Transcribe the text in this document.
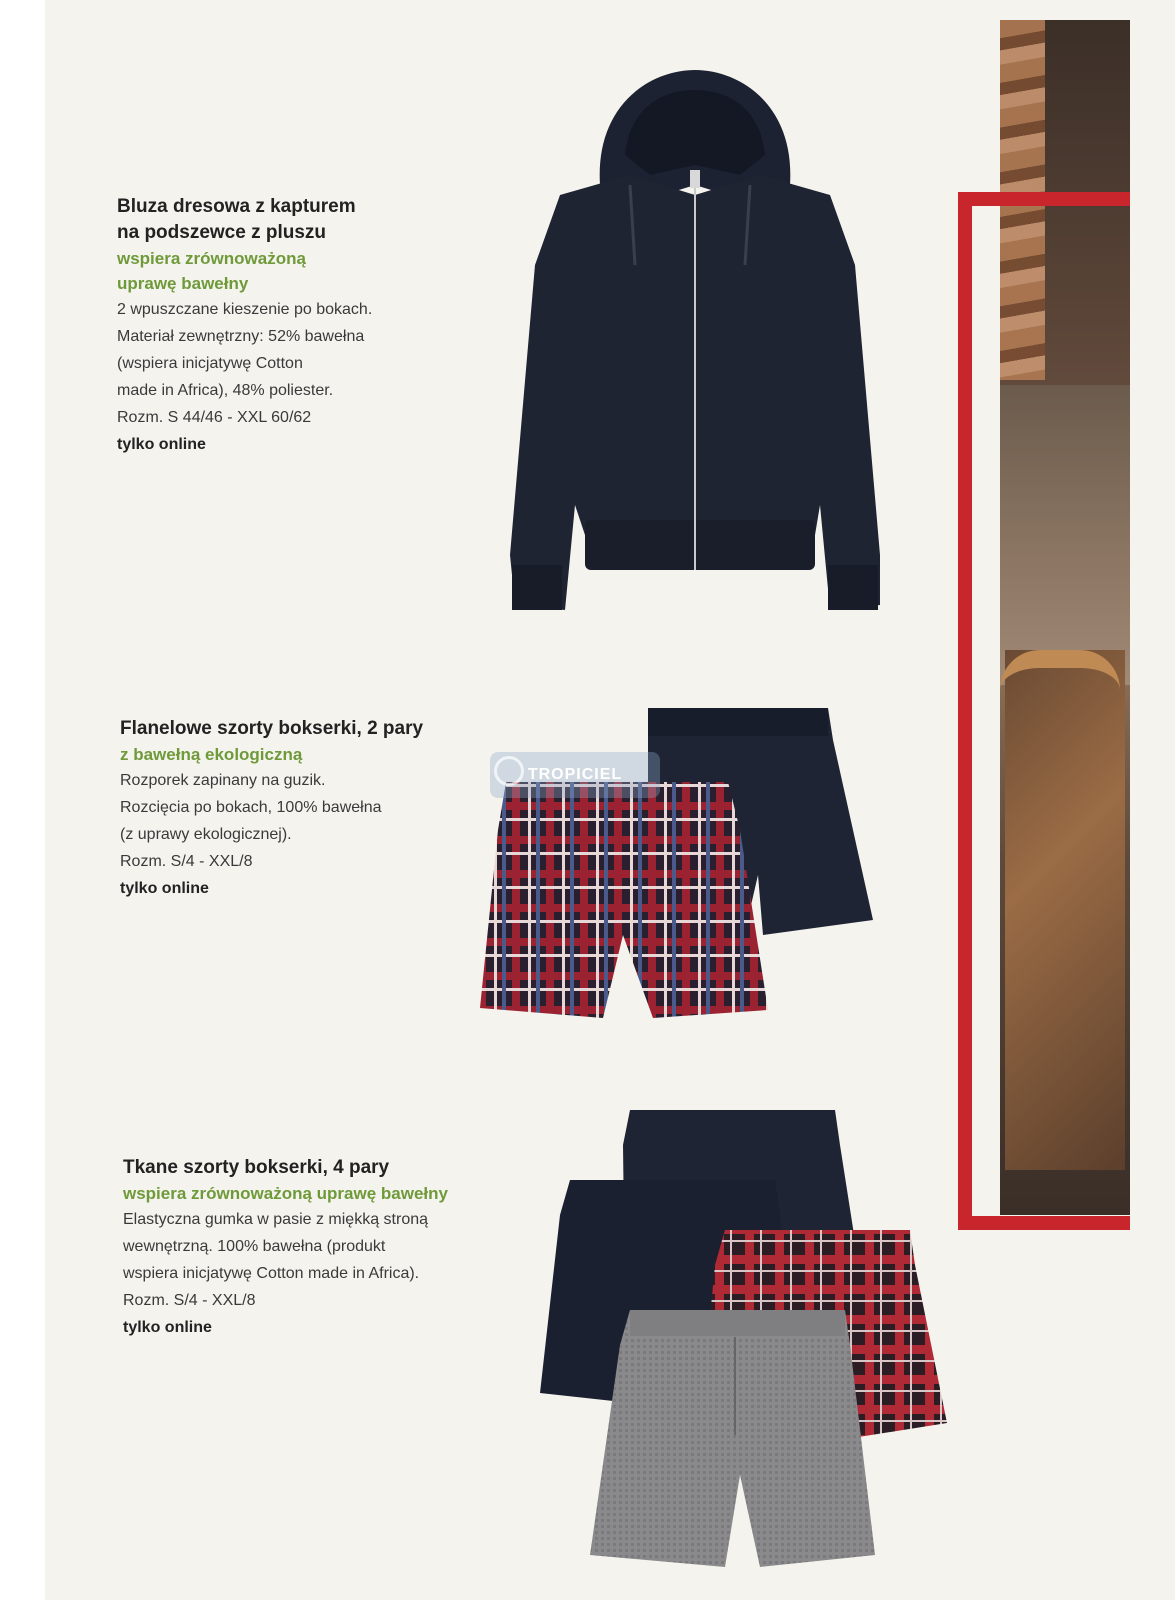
Bluza dresowa z kapturem
na podszewce z pluszu
wspiera zrównoważoną
uprawę bawełny
2 wpuszczane kieszenie po bokach.
Materiał zewnętrzny: 52% bawełna
(wspiera inicjatywę Cotton
made in Africa), 48% poliester.
Rozm. S 44/46 - XXL 60/62
tylko online
Flanelowe szorty bokserki, 2 pary
z bawełną ekologiczną
Rozporek zapinany na guzik.
Rozcięcia po bokach, 100% bawełna
(z uprawy ekologicznej).
Rozm. S/4 - XXL/8
tylko online
TROPICIEL
Tkane szorty bokserki, 4 pary
wspiera zrównoważoną uprawę bawełny
Elastyczna gumka w pasie z miękką stroną
wewnętrzną. 100% bawełna (produkt
wspiera inicjatywę Cotton made in Africa).
Rozm. S/4 - XXL/8
tylko online
